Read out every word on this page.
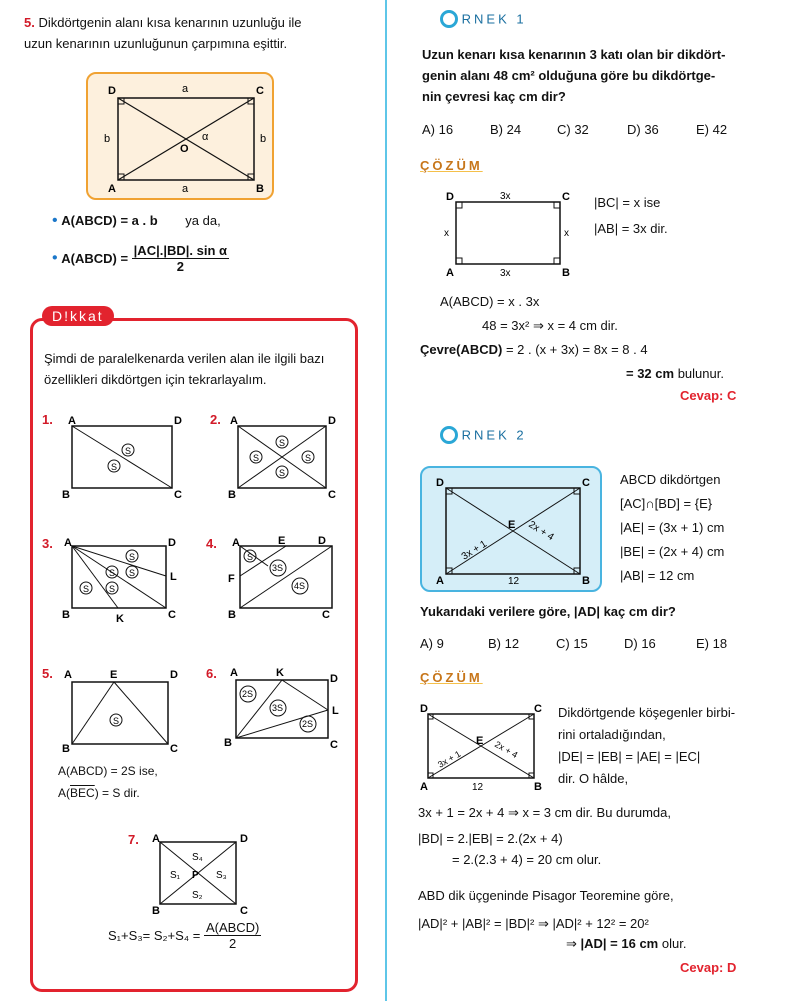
5. Dikdörtgenin alanı kısa kenarının uzunluğu ile
uzun kenarının uzunluğunun çarpımına eşittir.
D	C
A	B
a
a
b	b
O
α
• A(ABCD) = a . b ya da,
• A(ABCD) = $\frac{\text{|AC|.|BD|. sin α}}{2}$
D!kkat
Şimdi de paralelkenarda verilen alan ile ilgili bazı
özellikleri dikdörtgen için tekrarlayalım.
1.
S
S
A	D
B	C
2.
S
S
S	S
A	D
B	C
3.
S
S
S S
S
A	D
L
B	K	C
4.
S
3S
4S
A	E	D
F
B	C
5.
S
A	E	D
B	C
6.
2S
3S
2S
A	K	D
L
B	C
A(ABCD) = 2S ise,
$A(\overline{BEC}) = S$ dir.
7. A	D
B	C
S₄
S₂
S₁	S₃
P
$S_1+S_3= S_2+S_4 = \frac{\text{A(ABCD)}}{2}$
RNEK 1
Uzun kenarı kısa kenarının 3 katı olan bir dikdört-
genin alanı 48 cm² olduğuna göre bu dikdörtge-
nin çevresi kaç cm dir?
A) 16	B) 24	C) 32	D) 36	E) 42
ÇÖZÜM
D	C
A	B
3x
3x
x	x
|BC| = x ise
|AB| = 3x dir.
A(ABCD) = x . 3x
48 = 3x² ⇒ x = 4 cm dir.
Çevre(ABCD) = 2 . (x + 3x) = 8x = 8 . 4
= 32 cm bulunur.
Cevap: C
RNEK 2
D	C
A	B
E
12
3x + 1
2x + 4
ABCD dikdörtgen
[AC]∩[BD] = {E}
|AE| = (3x + 1) cm
|BE| = (2x + 4) cm
|AB| = 12 cm
Yukarıdaki verilere göre, |AD| kaç cm dir?
A) 9	B) 12	C) 15	D) 16	E) 18
ÇÖZÜM
D	C
A	B
E
12
3x + 1	2x + 4
Dikdörtgende köşegenler birbi-
rini ortaladığından,
|DE| = |EB| = |AE| = |EC|
dir. O hâlde,
3x + 1 = 2x + 4 ⇒ x = 3 cm dir. Bu durumda,
|BD| = 2.|EB| = 2.(2x + 4)
= 2.(2.3 + 4) = 20 cm olur.
ABD dik üçgeninde Pisagor Teoremine göre,
|AD|² + |AB|² = |BD|² ⇒ |AD|² + 12² = 20²
⇒ |AD| = 16 cm olur.
Cevap: D
